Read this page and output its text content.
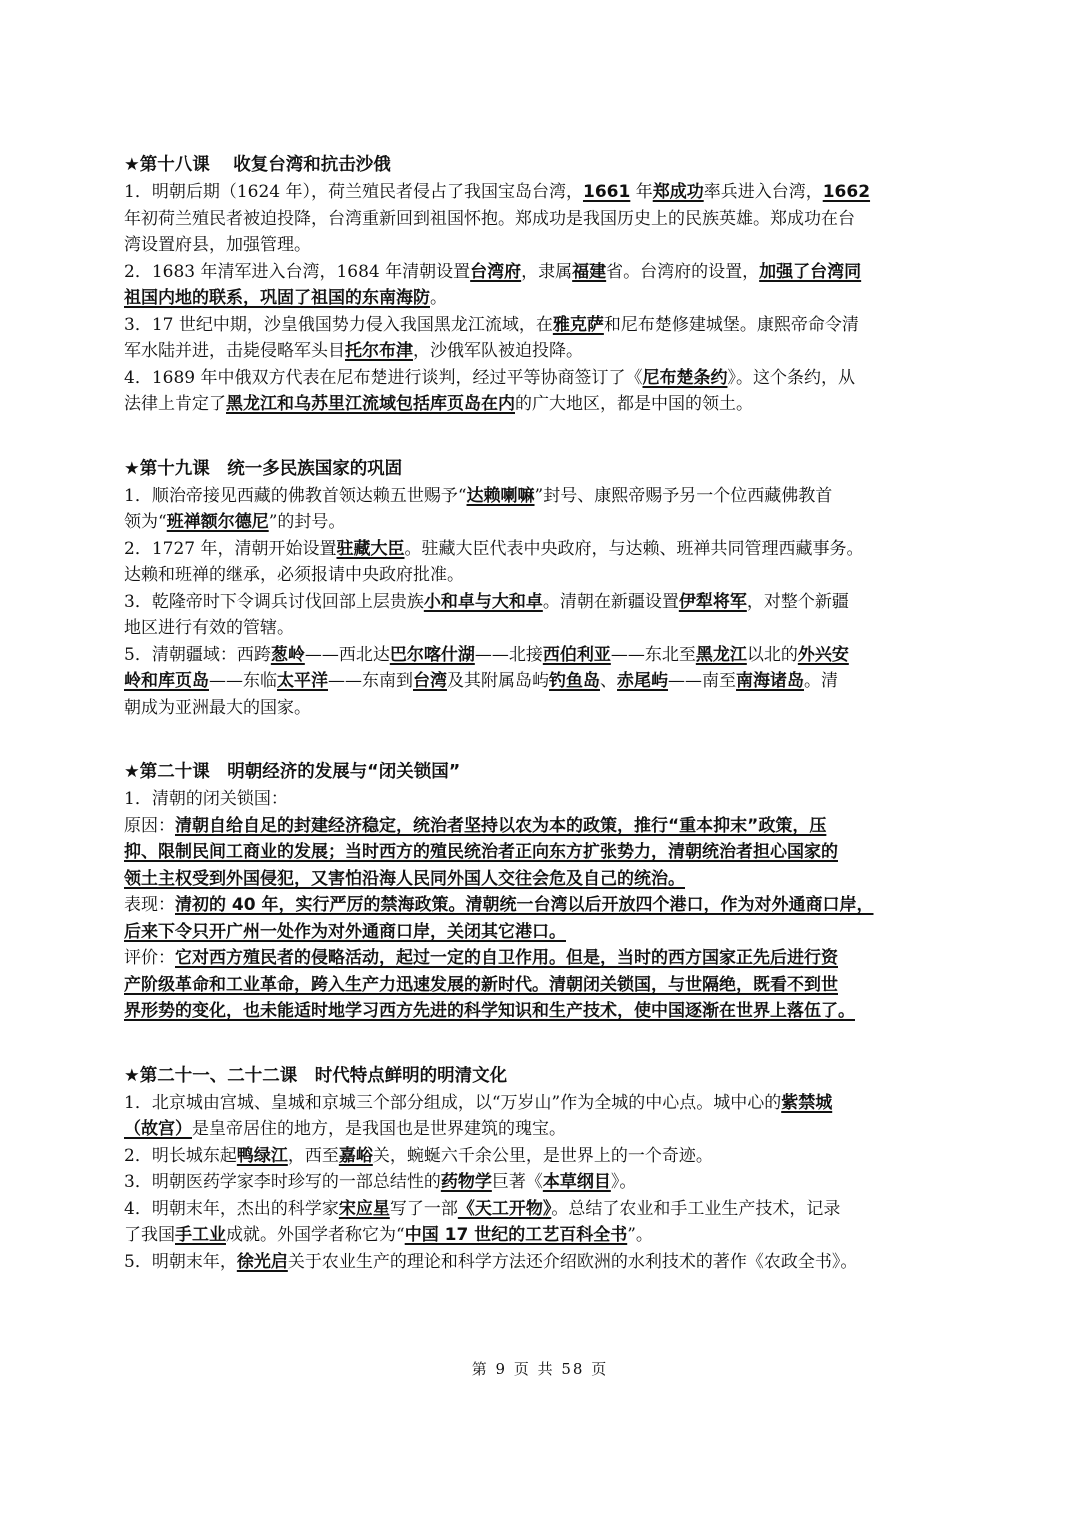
★第十八课　 收复台湾和抗击沙俄
1．明朝后期（1624 年），荷兰殖民者侵占了我国宝岛台湾，1661 年郑成功率兵进入台湾，1662
年初荷兰殖民者被迫投降，台湾重新回到祖国怀抱。郑成功是我国历史上的民族英雄。郑成功在台
湾设置府县，加强管理。
2．1683 年清军进入台湾，1684 年清朝设置台湾府，隶属福建省。台湾府的设置，加强了台湾同
祖国内地的联系，巩固了祖国的东南海防。
3．17 世纪中期，沙皇俄国势力侵入我国黑龙江流域，在雅克萨和尼布楚修建城堡。康熙帝命令清
军水陆并进，击毙侵略军头目托尔布津，沙俄军队被迫投降。
4．1689 年中俄双方代表在尼布楚进行谈判，经过平等协商签订了《尼布楚条约》。这个条约，从
法律上肯定了黑龙江和乌苏里江流域包括库页岛在内的广大地区，都是中国的领土。
★第十九课　统一多民族国家的巩固
1．顺治帝接见西藏的佛教首领达赖五世赐予“达赖喇嘛”封号、康熙帝赐予另一个位西藏佛教首
领为“班禅额尔德尼”的封号。
2．1727 年，清朝开始设置驻藏大臣。驻藏大臣代表中央政府，与达赖、班禅共同管理西藏事务。
达赖和班禅的继承，必须报请中央政府批准。
3．乾隆帝时下令调兵讨伐回部上层贵族小和卓与大和卓。清朝在新疆设置伊犁将军，对整个新疆
地区进行有效的管辖。
5．清朝疆域：西跨葱岭——西北达巴尔喀什湖——北接西伯利亚——东北至黑龙江以北的外兴安
岭和库页岛——东临太平洋——东南到台湾及其附属岛屿钓鱼岛、赤尾屿——南至南海诸岛。清
朝成为亚洲最大的国家。
★第二十课　明朝经济的发展与“闭关锁国”
1．清朝的闭关锁国：
原因：清朝自给自足的封建经济稳定，统治者坚持以农为本的政策，推行“重本抑末”政策，压
抑、限制民间工商业的发展；当时西方的殖民统治者正向东方扩张势力，清朝统治者担心国家的
领土主权受到外国侵犯，又害怕沿海人民同外国人交往会危及自己的统治。
表现：清初的 40 年，实行严厉的禁海政策。清朝统一台湾以后开放四个港口，作为对外通商口岸，
后来下令只开广州一处作为对外通商口岸，关闭其它港口。
评价：它对西方殖民者的侵略活动，起过一定的自卫作用。但是，当时的西方国家正先后进行资
产阶级革命和工业革命，跨入生产力迅速发展的新时代。清朝闭关锁国，与世隔绝，既看不到世
界形势的变化，也未能适时地学习西方先进的科学知识和生产技术，使中国逐渐在世界上落伍了。
★第二十一、二十二课　时代特点鲜明的明清文化
1．北京城由宫城、皇城和京城三个部分组成，以“万岁山”作为全城的中心点。城中心的紫禁城
（故宫）是皇帝居住的地方，是我国也是世界建筑的瑰宝。
2．明长城东起鸭绿江，西至嘉峪关，蜿蜒六千余公里，是世界上的一个奇迹。
3．明朝医药学家李时珍写的一部总结性的药物学巨著《本草纲目》。
4．明朝末年，杰出的科学家宋应星写了一部《天工开物》。总结了农业和手工业生产技术，记录
了我国手工业成就。外国学者称它为“中国 17 世纪的工艺百科全书”。
5．明朝末年，徐光启关于农业生产的理论和科学方法还介绍欧洲的水利技术的著作《农政全书》。
第 9 页 共 58 页
